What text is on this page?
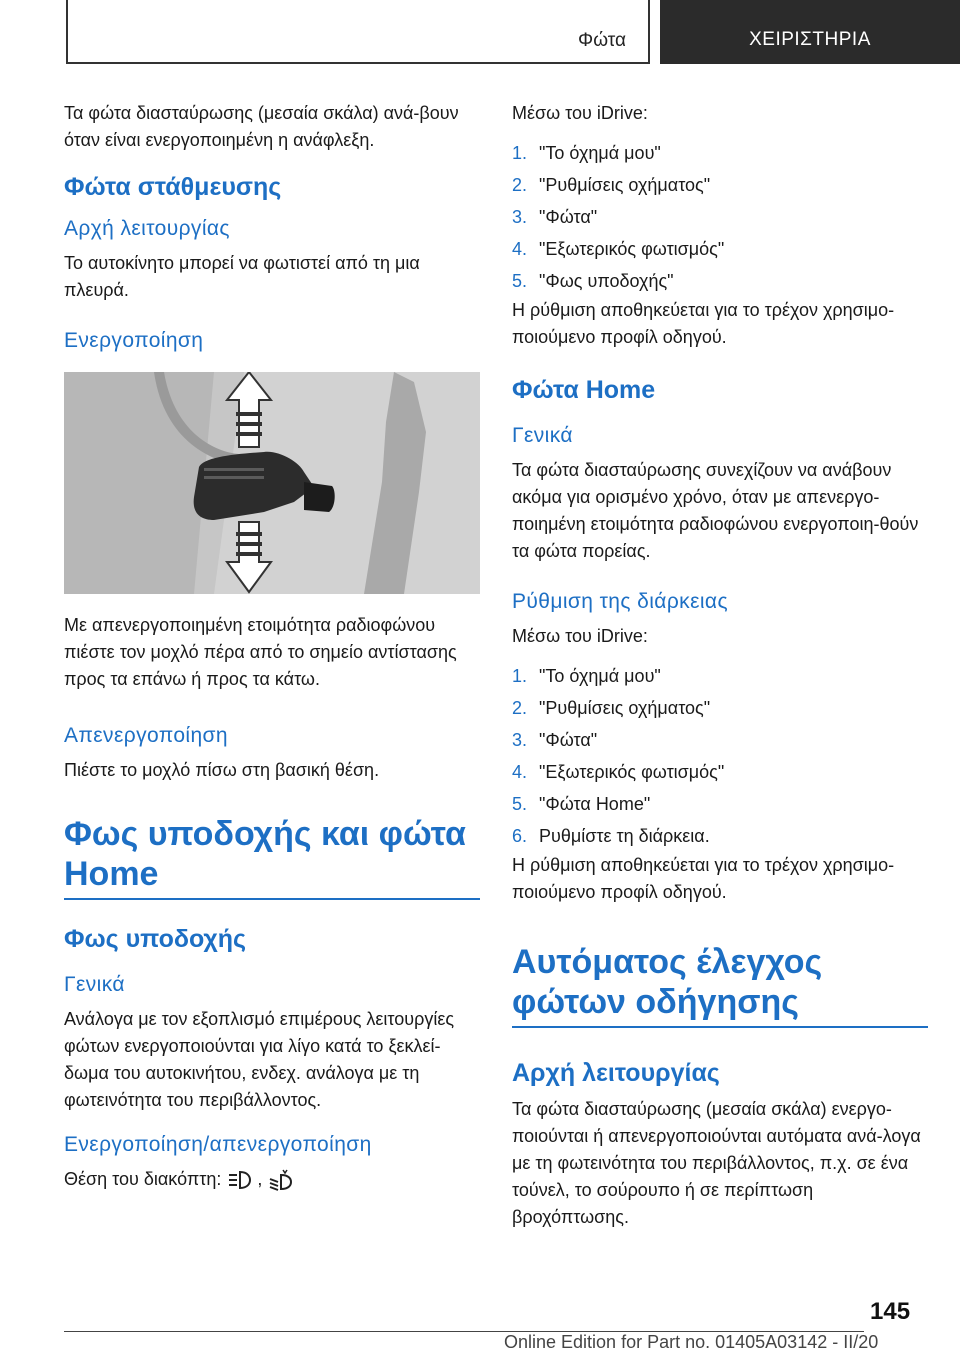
Φώτα	ΧΕΙΡΙΣΤΗΡΙΑ

Τα φώτα διασταύρωσης (μεσαία σκάλα) ανά-βουν όταν είναι ενεργοποιημένη η ανάφλεξη.

Φώτα στάθμευσης
Αρχή λειτουργίας

Το αυτοκίνητο μπορεί να φωτιστεί από τη μια πλευρά.

Ενεργοποίηση

Με απενεργοποιημένη ετοιμότητα ραδιοφώνου πιέστε τον μοχλό πέρα από το σημείο αντίστασης προς τα επάνω ή προς τα κάτω.

Απενεργοποίηση

Πιέστε το μοχλό πίσω στη βασική θέση.

Φως υποδοχής και φώτα Home
Φως υποδοχής
Γενικά

Ανάλογα με τον εξοπλισμό επιμέρους λειτουργίες φώτων ενεργοποιούνται για λίγο κατά το ξεκλεί-δωμα του αυτοκινήτου, ενδεχ. ανάλογα με τη φωτεινότητα του περιβάλλοντος.

Ενεργοποίηση/απενεργοποίηση

Θέση του διακόπτη: ,

Μέσω του iDrive:

1. "Το όχημά μου"
2. "Ρυθμίσεις οχήματος"
3. "Φώτα"
4. "Εξωτερικός φωτισμός"
5. "Φως υποδοχής"

Η ρύθμιση αποθηκεύεται για το τρέχον χρησιμο-ποιούμενο προφίλ οδηγού.

Φώτα Home
Γενικά

Τα φώτα διασταύρωσης συνεχίζουν να ανάβουν ακόμα για ορισμένο χρόνο, όταν με απενεργο-ποιημένη ετοιμότητα ραδιοφώνου ενεργοποιη-θούν τα φώτα πορείας.

Ρύθμιση της διάρκειας

Μέσω του iDrive:

1. "Το όχημά μου"
2. "Ρυθμίσεις οχήματος"
3. "Φώτα"
4. "Εξωτερικός φωτισμός"
5. "Φώτα Home"
6. Ρυθμίστε τη διάρκεια.

Η ρύθμιση αποθηκεύεται για το τρέχον χρησιμο-ποιούμενο προφίλ οδηγού.

Αυτόματος έλεγχος φώτων οδήγησης
Αρχή λειτουργίας

Τα φώτα διασταύρωσης (μεσαία σκάλα) ενεργο-ποιούνται ή απενεργοποιούνται αυτόματα ανά-λογα με τη φωτεινότητα του περιβάλλοντος, π.χ. σε ένα τούνελ, το σούρουπο ή σε περίπτωση βροχόπτωσης.

145
Online Edition for Part no. 01405A03142 - II/20
